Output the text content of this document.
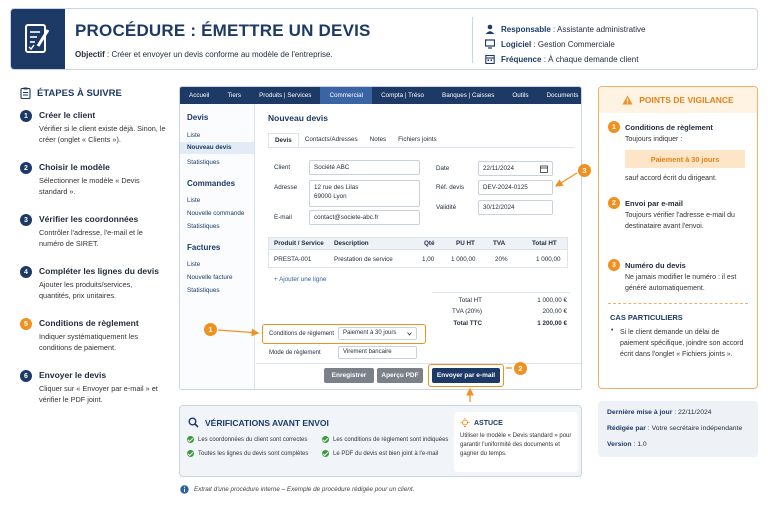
PROCÉDURE : ÉMETTRE UN DEVIS
Objectif : Créer et envoyer un devis conforme au modèle de l'entreprise.
Responsable : Assistante administrative
Logiciel : Gestion Commerciale
Fréquence : À chaque demande client
ÉTAPES À SUIVRE
1	Créer le client
Vérifier si le client existe déjà. Sinon, le créer (onglet « Clients »).
2	Choisir le modèle
Sélectionner le modèle « Devis standard ».
3	Vérifier les coordonnées
Contrôler l'adresse, l'e-mail et le numéro de SIRET.
4	Compléter les lignes du devis
Ajouter les produits/services, quantités, prix unitaires.
5	Conditions de règlement
Indiquer systématiquement les conditions de paiement.
6	Envoyer le devis
Cliquer sur « Envoyer par e-mail » et vérifier le PDF joint.
Accueil	Tiers	Produits | Services	Commercial	Compta | Tréso	Banques | Caisses	Outils	Documents
Devis
Liste
Nouveau devis
Statistiques
Commandes
Liste
Nouvelle commande
Statistiques
Factures
Liste
Nouvelle facture
Statistiques
Nouveau devis
Devis	Contacts/Adresses	Notes	Fichiers joints
Client	Société ABC
Adresse	12 rue des Lilas
69000 Lyon
E-mail	contact@societe-abc.fr
Date	22/11/2024
Réf. devis	DEV-2024-0125
Validité	30/12/2024
Produit / Service Description	Qté	PU HT	TVA	Total HT
PRESTA-001	Prestation de service	1,00	1 000,00	20%	1 000,00
+ Ajouter une ligne
Total HT	1 000,00 €
TVA (20%)	200,00 €
Total TTC	1 200,00 €
Conditions de règlement	Paiement à 30 jours
Mode de règlement	Virement bancaire
Enregistrer	Aperçu PDF	Envoyer par e-mail
1
2
3
POINTS DE VIGILANCE
1	Conditions de règlement
Toujours indiquer :
Paiement à 30 jours
sauf accord écrit du dirigeant.
2	Envoi par e-mail
Toujours vérifier l'adresse e-mail du destinataire avant l'envoi.
3	Numéro du devis
Ne jamais modifier le numéro : il est généré automatiquement.
CAS PARTICULIERS
• Si le client demande un délai de paiement spécifique, joindre son accord écrit dans l'onglet « Fichiers joints ».
VÉRIFICATIONS AVANT ENVOI
Les coordonnées du client sont correctes
Toutes les lignes du devis sont complètes
Les conditions de règlement sont indiquées
Le PDF du devis est bien joint à l'e-mail
ASTUCE
Utiliser le modèle « Devis standard » pour garantir l'uniformité des documents et gagner du temps.
Dernière mise à jour : 22/11/2024
Rédigée par : Votre secrétaire indépendante
Version : 1.0
Extrait d'une procédure interne – Exemple de procédure rédigée pour un client.
